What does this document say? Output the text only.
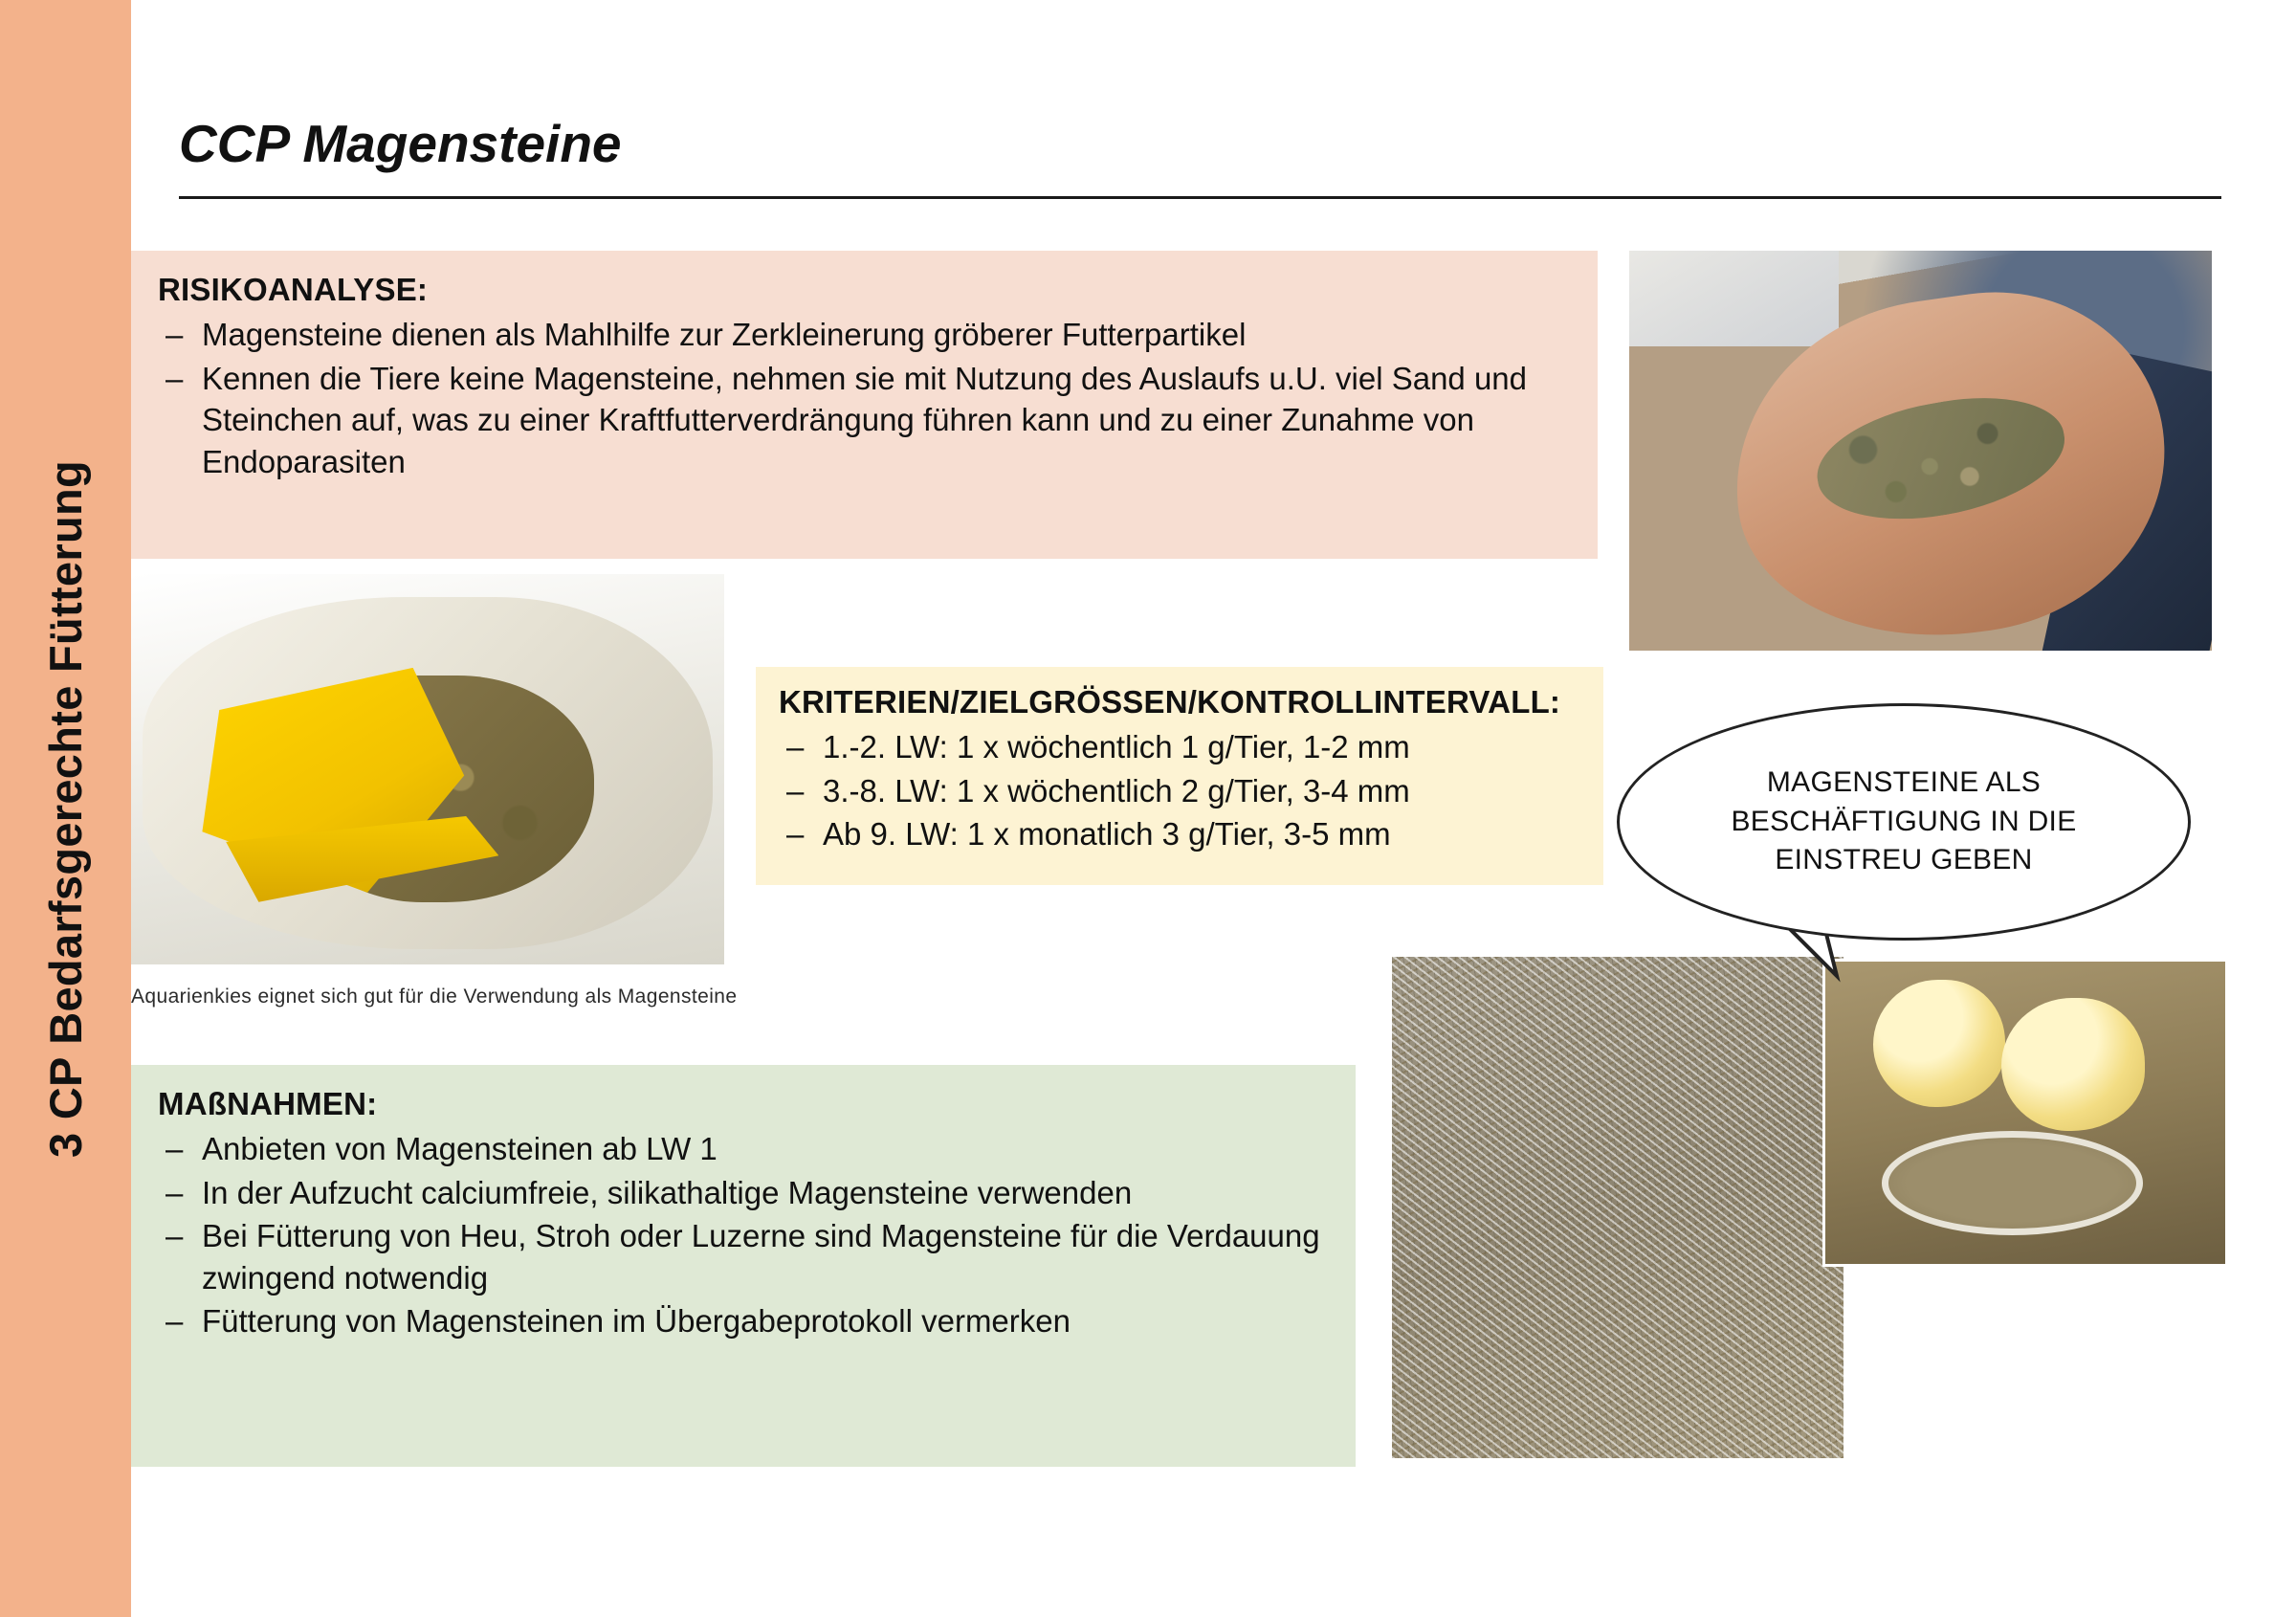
3 CP Bedarfsgerechte Fütterung
CCP Magensteine
RISIKOANALYSE:
– Magensteine dienen als Mahlhilfe zur Zerkleinerung gröberer Futterpartikel
– Kennen die Tiere keine Magensteine, nehmen sie mit Nutzung des Auslaufs u.U. viel Sand und Steinchen auf, was zu einer Kraftfutterverdrängung führen kann und zu einer Zunahme von Endoparasiten
KRITERIEN/ZIELGRÖSSEN/KONTROLLINTERVALL:
– 1.-2. LW: 1 x wöchentlich 1 g/Tier, 1-2 mm
– 3.-8. LW: 1 x wöchentlich 2 g/Tier, 3-4 mm
– Ab 9. LW: 1 x monatlich 3 g/Tier, 3-5 mm
MAßNAHMEN:
– Anbieten von Magensteinen ab LW 1
– In der Aufzucht calciumfreie, silikathaltige Magensteine verwenden
– Bei Fütterung von Heu, Stroh oder Luzerne sind Magensteine für die Verdauung zwingend notwendig
– Fütterung von Magensteinen im Übergabeprotokoll vermerken
Aquarienkies eignet sich gut für die Verwendung als Magensteine
MAGENSTEINE ALS
BESCHÄFTIGUNG IN DIE
EINSTREU GEBEN
